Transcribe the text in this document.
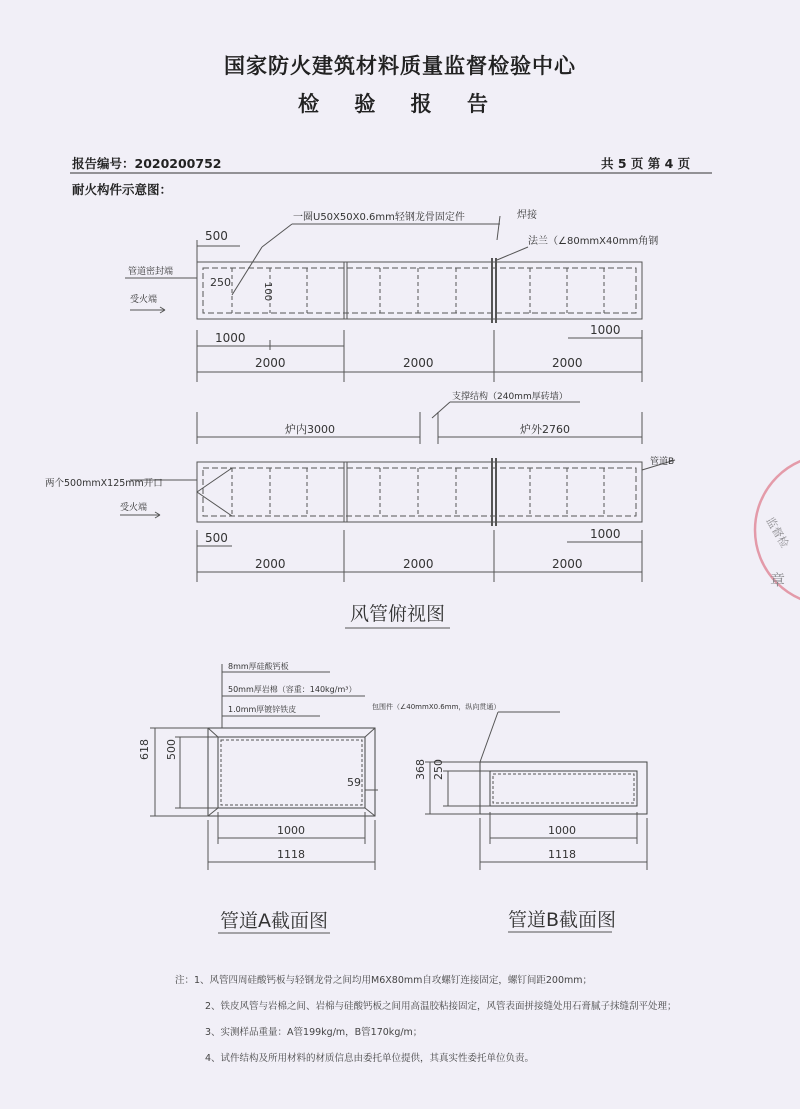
国家防火建筑材料质量监督检验中心
检 验 报 告
报告编号：2020200752	共 5 页 第 4 页
耐火构件示意图：
500
250	100
1000
1000
2000	2000	2000
一圈U50X50X0.6mm轻钢龙骨固定件	焊接
法兰（∠80mmX40mm角钢
管道密封端
受火端
支撑结构（240mm厚砖墙）
炉内3000	炉外2760
两个500mmX125mm开口
受火端
管道B
500	1000
2000	2000	2000
风管俯视图
8mm厚硅酸钙板
50mm厚岩棉（容重：140kg/m³）
1.0mm厚镀锌铁皮
618 500
59
1000
1118
管道A截面图
包围件（∠40mmX0.6mm，纵向贯通）
368 250
1000
1118
管道B截面图
监督检
章
注：1、风管四周硅酸钙板与轻钢龙骨之间均用M6X80mm自攻螺钉连接固定，螺钉间距200mm；
2、铁皮风管与岩棉之间、岩棉与硅酸钙板之间用高温胶粘接固定，风管表面拼接缝处用石膏腻子抹缝刮平处理；
3、实测样品重量：A管199kg/m，B管170kg/m；
4、试件结构及所用材料的材质信息由委托单位提供，其真实性委托单位负责。
